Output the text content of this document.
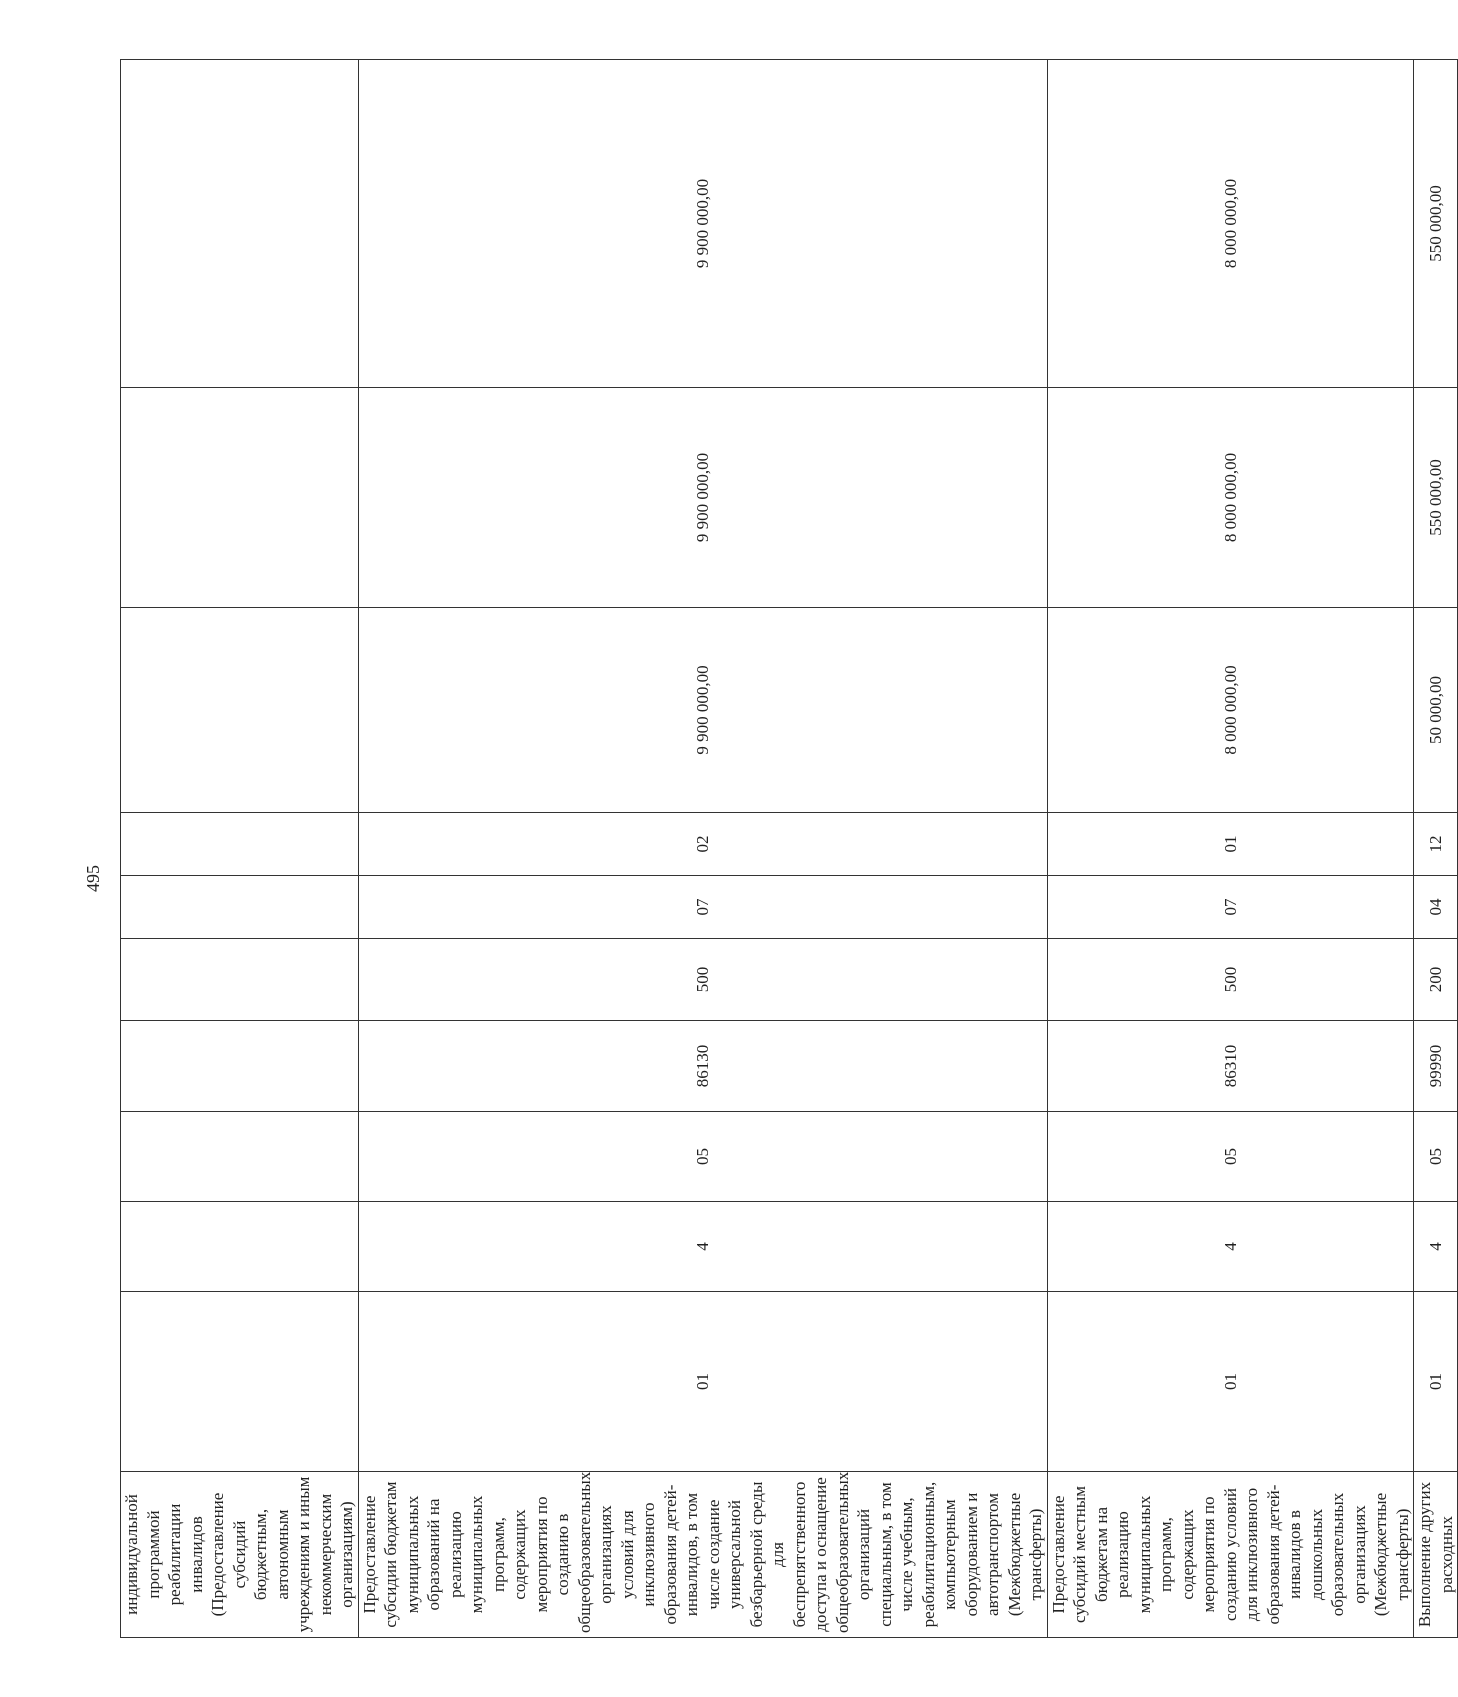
495
индивидуальной программой реабилитации инвалидов (Предоставление субсидий бюджетным, автономным учреждениям и иным некоммерческим организациям)										
Предоставление субсидии бюджетам муниципальных образований на реализацию муниципальных программ, содержащих мероприятия по созданию в общеобразовательных организациях условий для инклюзивного образования детей-инвалидов, в том числе создание универсальной безбарьерной среды для беспрепятственного доступа и оснащение общеобразовательных организаций специальным, в том числе учебным, реабилитационным, компьютерным оборудованием и автотранспортом (Межбюджетные трансферты)	01	4	05	86130	500	07	02	9 900 000,00	9 900 000,00	9 900 000,00
Предоставление субсидий местным бюджетам на реализацию муниципальных программ, содержащих мероприятия по созданию условий для инклюзивного образования детей-инвалидов в дошкольных образовательных организациях (Межбюджетные трансферты)	01	4	05	86310	500	07	01	8 000 000,00	8 000 000,00	8 000 000,00
Выполнение других расходных	01	4	05	99990	200	04	12	50 000,00	550 000,00	550 000,00
